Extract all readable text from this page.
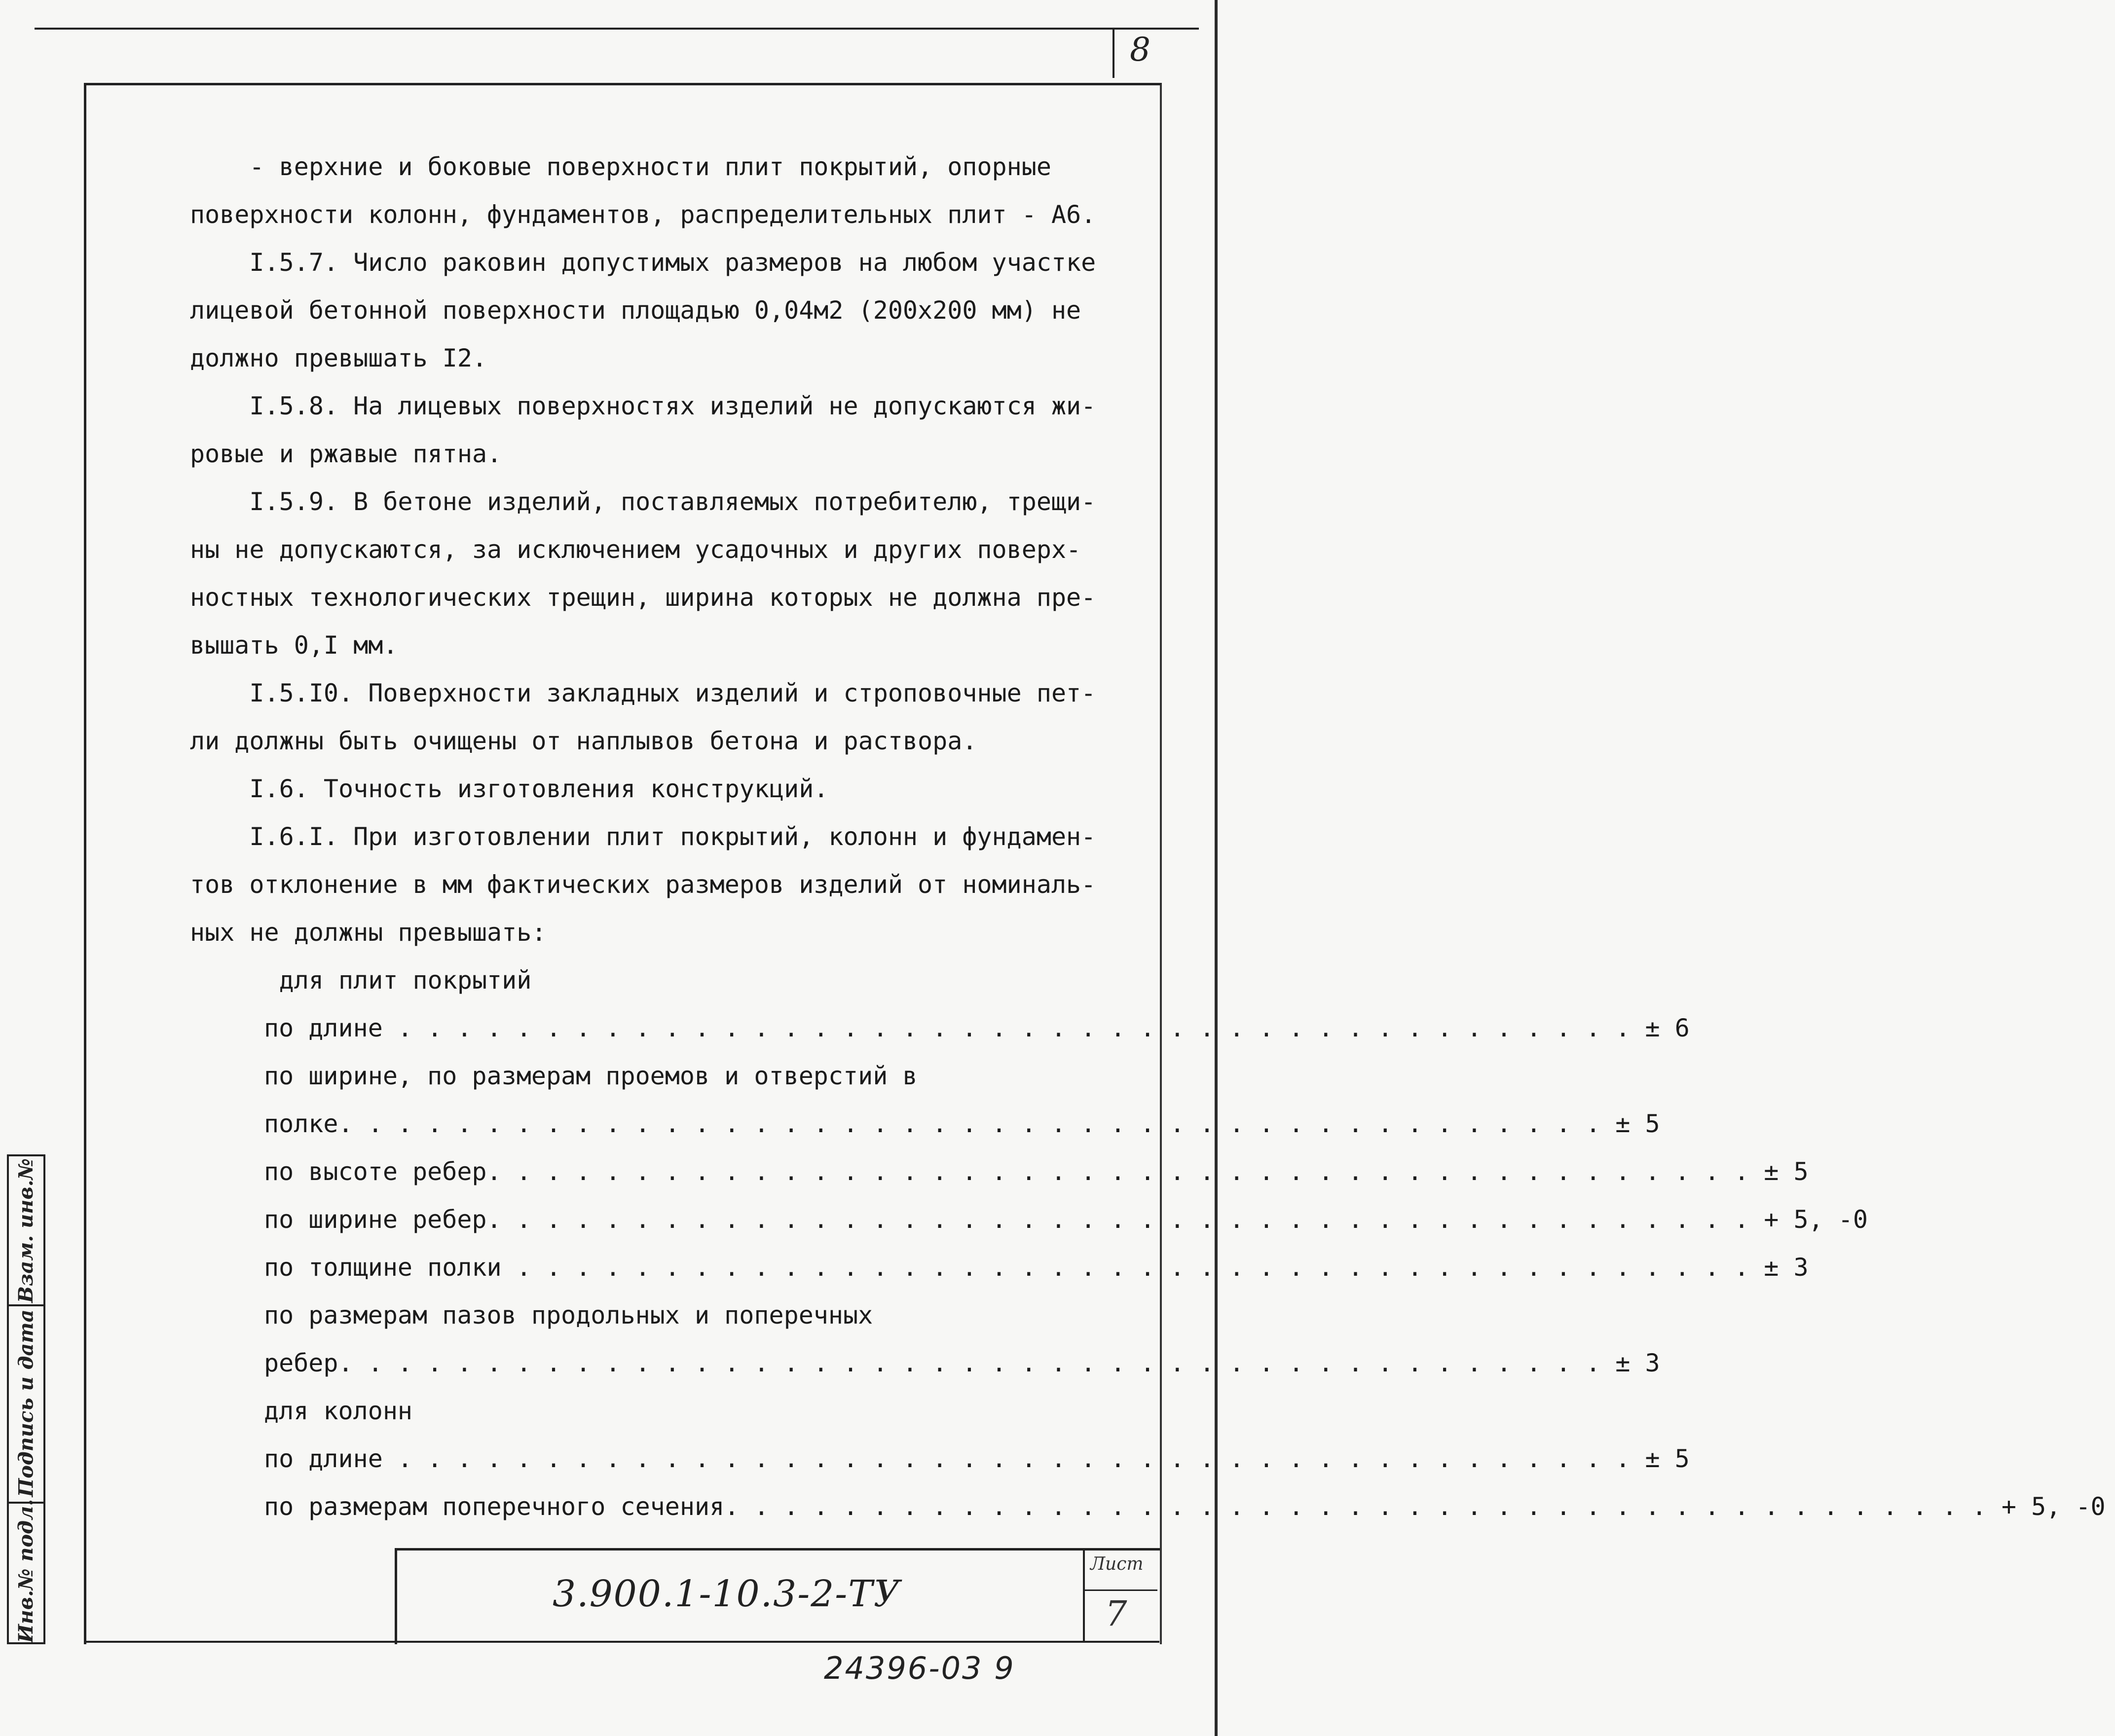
8
Взам. инв.№
Подпись и дата
Инв.№ подл.
- верхние и боковые поверхности плит покрытий, опорные
поверхности колонн, фундаментов, распределительных плит - А6.
I.5.7. Число раковин допустимых размеров на любом участке
лицевой бетонной поверхности площадью 0,04м2 (200х200 мм) не
должно превышать I2.
I.5.8. На лицевых поверхностях изделий не допускаются жи-
ровые и ржавые пятна.
I.5.9. В бетоне изделий, поставляемых потребителю, трещи-
ны не допускаются, за исключением усадочных и других поверх-
ностных технологических трещин, ширина которых не должна пре-
вышать 0,I мм.
I.5.I0. Поверхности закладных изделий и строповочные пет-
ли должны быть очищены от наплывов бетона и раствора.
I.6. Точность изготовления конструкций.
I.6.I. При изготовлении плит покрытий, колонн и фундамен-
тов отклонение в мм фактических размеров изделий от номиналь-
ных не должны превышать:
для плит покрытий
по длине . . . . . . . . . . . . . . . . . . . . . . . . . . . . . . . . . . . . . . . . . . ± 6
по ширине, по размерам проемов и отверстий в
полке. . . . . . . . . . . . . . . . . . . . . . . . . . . . . . . . . . . . . . . . . . . ± 5
по высоте ребер. . . . . . . . . . . . . . . . . . . . . . . . . . . . . . . . . . . . . . . . . . . ± 5
по ширине ребер. . . . . . . . . . . . . . . . . . . . . . . . . . . . . . . . . . . . . . . . . . . + 5, -0
по толщине полки . . . . . . . . . . . . . . . . . . . . . . . . . . . . . . . . . . . . . . . . . . ± 3
по размерам пазов продольных и поперечных
ребер. . . . . . . . . . . . . . . . . . . . . . . . . . . . . . . . . . . . . . . . . . . ± 3
для колонн
по длине . . . . . . . . . . . . . . . . . . . . . . . . . . . . . . . . . . . . . . . . . . ± 5
по размерам поперечного сечения. . . . . . . . . . . . . . . . . . . . . . . . . . . . . . . . . . . . . . . . . . . + 5, -0
3.900.1-10.3-2-ТУ
Лист
7
24396-03 9
